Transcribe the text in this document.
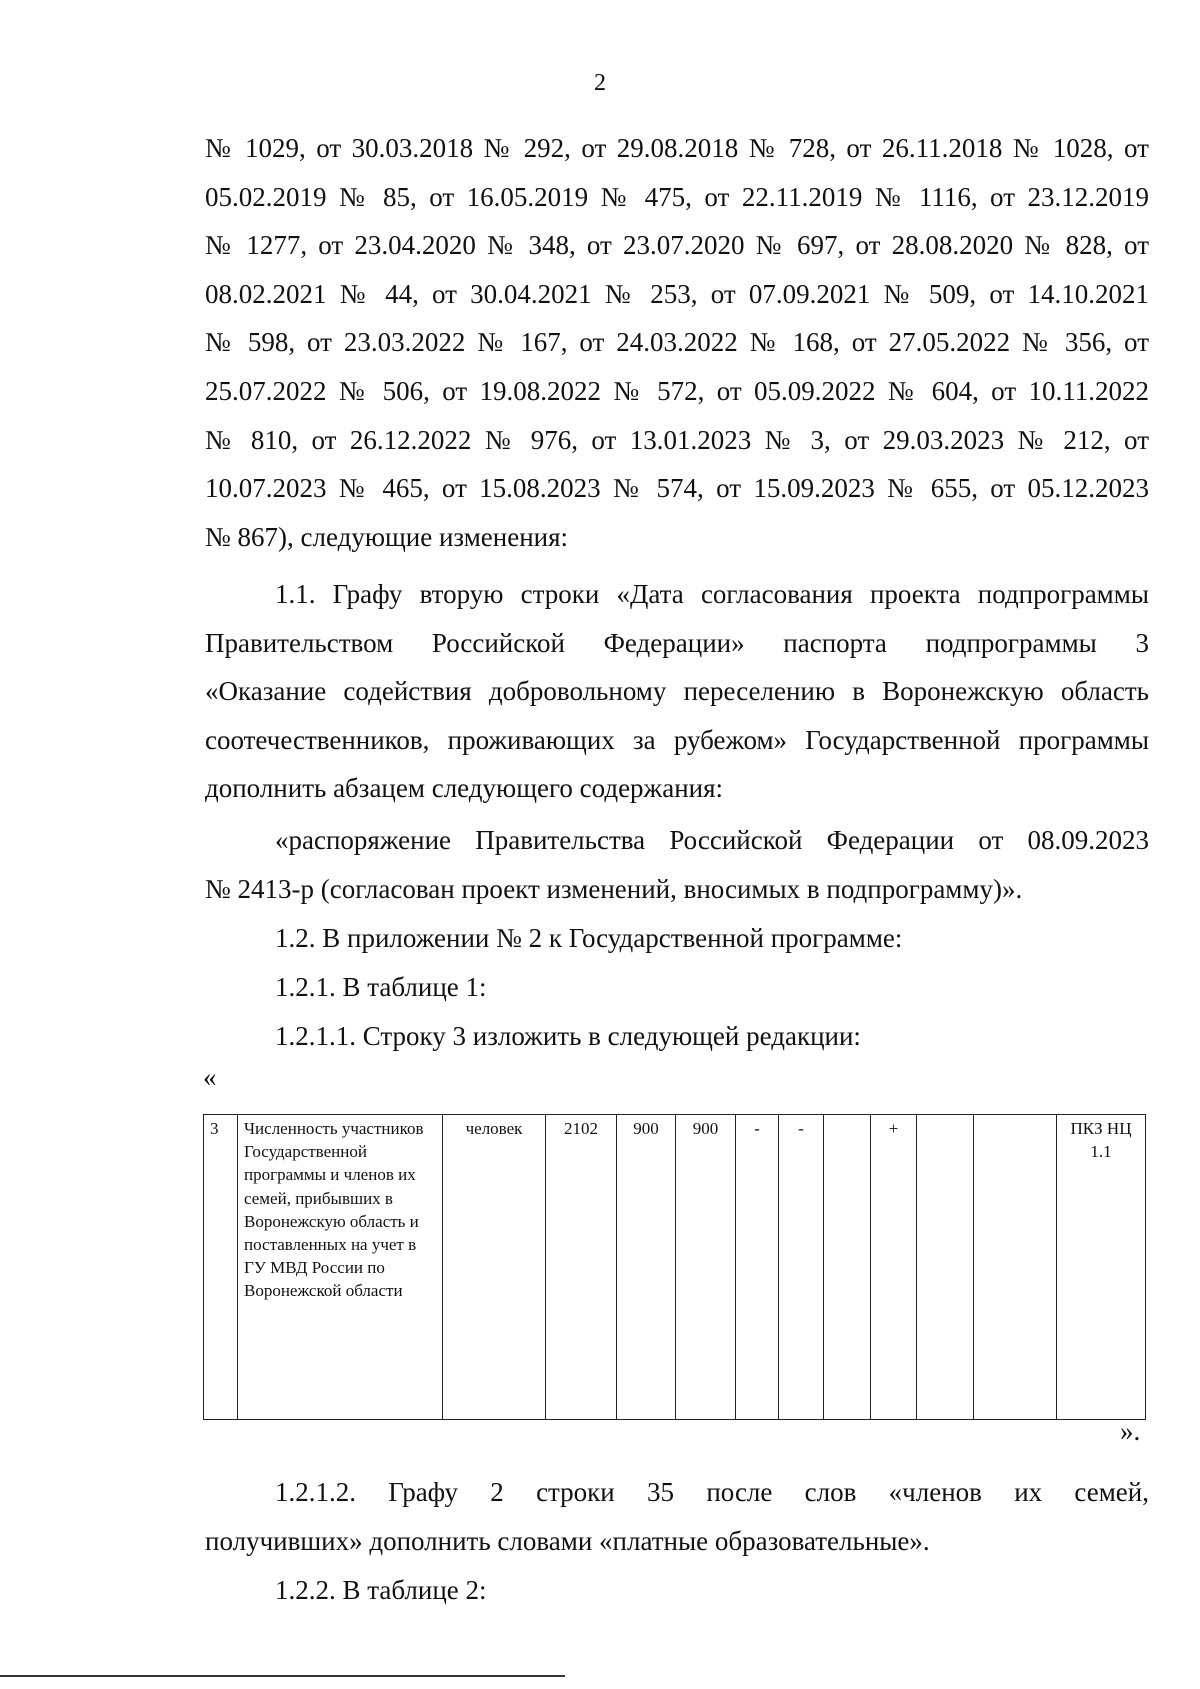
2
№ 1029, от 30.03.2018 № 292, от 29.08.2018 № 728, от 26.11.2018 № 1028, от
05.02.2019 № 85, от 16.05.2019 № 475, от 22.11.2019 № 1116, от 23.12.2019
№ 1277, от 23.04.2020 № 348, от 23.07.2020 № 697, от 28.08.2020 № 828, от
08.02.2021 № 44, от 30.04.2021 № 253, от 07.09.2021 № 509, от 14.10.2021
№ 598, от 23.03.2022 № 167, от 24.03.2022 № 168, от 27.05.2022 № 356, от
25.07.2022 № 506, от 19.08.2022 № 572, от 05.09.2022 № 604, от 10.11.2022
№ 810, от 26.12.2022 № 976, от 13.01.2023 № 3, от 29.03.2023 № 212, от
10.07.2023 № 465, от 15.08.2023 № 574, от 15.09.2023 № 655, от 05.12.2023
№ 867), следующие изменения:
1.1. Графу вторую строки «Дата согласования проекта подпрограммы
Правительством Российской Федерации» паспорта подпрограммы 3
«Оказание содействия добровольному переселению в Воронежскую область
соотечественников, проживающих за рубежом» Государственной программы
дополнить абзацем следующего содержания:
«распоряжение Правительства Российской Федерации от 08.09.2023
№ 2413-р (согласован проект изменений, вносимых в подпрограмму)».
1.2. В приложении № 2 к Государственной программе:
1.2.1. В таблице 1:
1.2.1.1. Строку 3 изложить в следующей редакции:
«
3	Численность участников Государственной программы и членов их семей, прибывших в Воронежскую область и поставленных на учет в ГУ МВД России по Воронежской области	человек	2102	900	900	-	-		+			ПКЗ НЦ 1.1
».
1.2.1.2. Графу 2 строки 35 после слов «членов их семей,
получивших» дополнить словами «платные образовательные».
1.2.2. В таблице 2:
